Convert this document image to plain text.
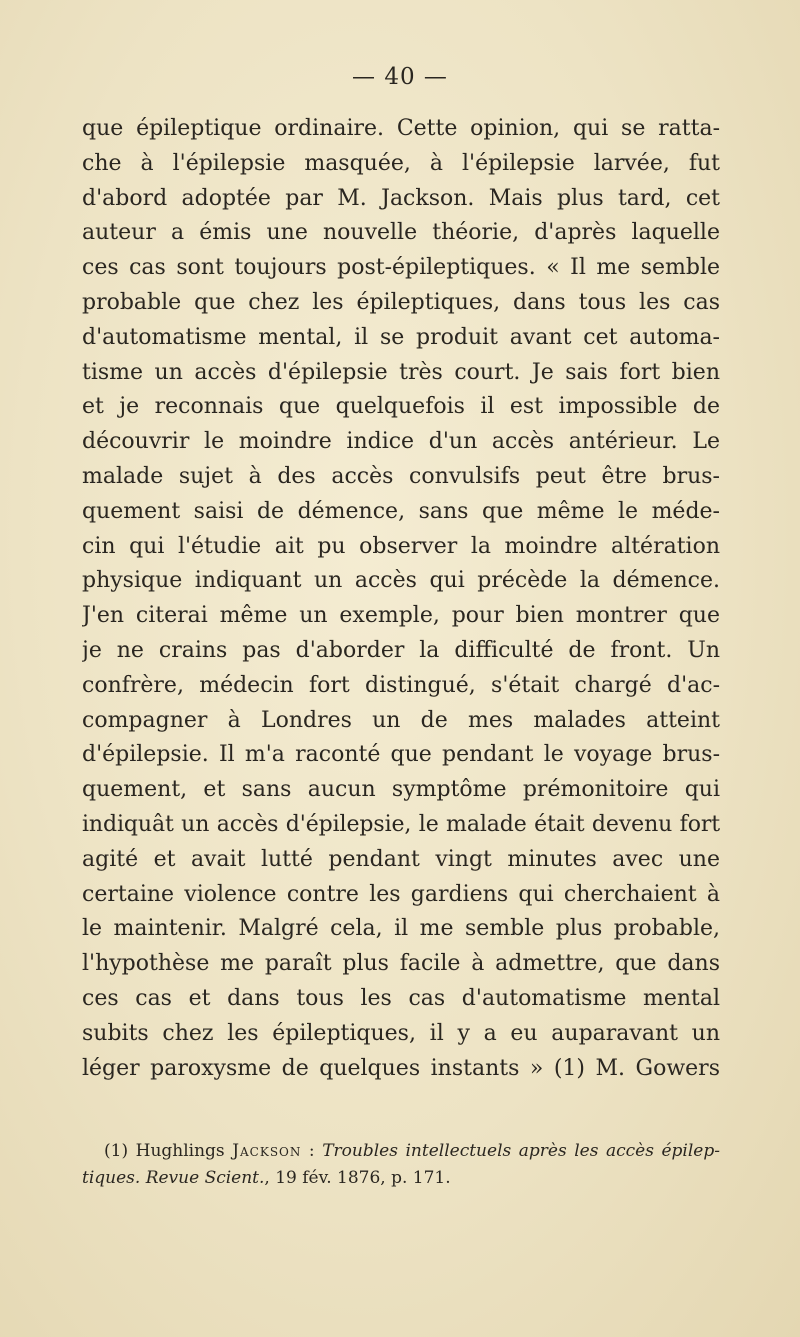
— 40 —
que épileptique ordinaire. Cette opinion, qui se ratta-
che à l'épilepsie masquée, à l'épilepsie larvée, fut
d'abord adoptée par M. Jackson. Mais plus tard, cet
auteur a émis une nouvelle théorie, d'après laquelle
ces cas sont toujours post-épileptiques. « Il me semble
probable que chez les épileptiques, dans tous les cas
d'automatisme mental, il se produit avant cet automa-
tisme un accès d'épilepsie très court. Je sais fort bien
et je reconnais que quelquefois il est impossible de
découvrir le moindre indice d'un accès antérieur. Le
malade sujet à des accès convulsifs peut être brus-
quement saisi de démence, sans que même le méde-
cin qui l'étudie ait pu observer la moindre altération
physique indiquant un accès qui précède la démence.
J'en citerai même un exemple, pour bien montrer que
je ne crains pas d'aborder la difficulté de front. Un
confrère, médecin fort distingué, s'était chargé d'ac-
compagner à Londres un de mes malades atteint
d'épilepsie. Il m'a raconté que pendant le voyage brus-
quement, et sans aucun symptôme prémonitoire qui
indiquât un accès d'épilepsie, le malade était devenu fort
agité et avait lutté pendant vingt minutes avec une
certaine violence contre les gardiens qui cherchaient à
le maintenir. Malgré cela, il me semble plus probable,
l'hypothèse me paraît plus facile à admettre, que dans
ces cas et dans tous les cas d'automatisme mental
subits chez les épileptiques, il y a eu auparavant un
léger paroxysme de quelques instants » (1) M. Gowers
(1) Hughlings Jackson : Troubles intellectuels après les accès épilep-
tiques. Revue Scient., 19 fév. 1876, p. 171.
